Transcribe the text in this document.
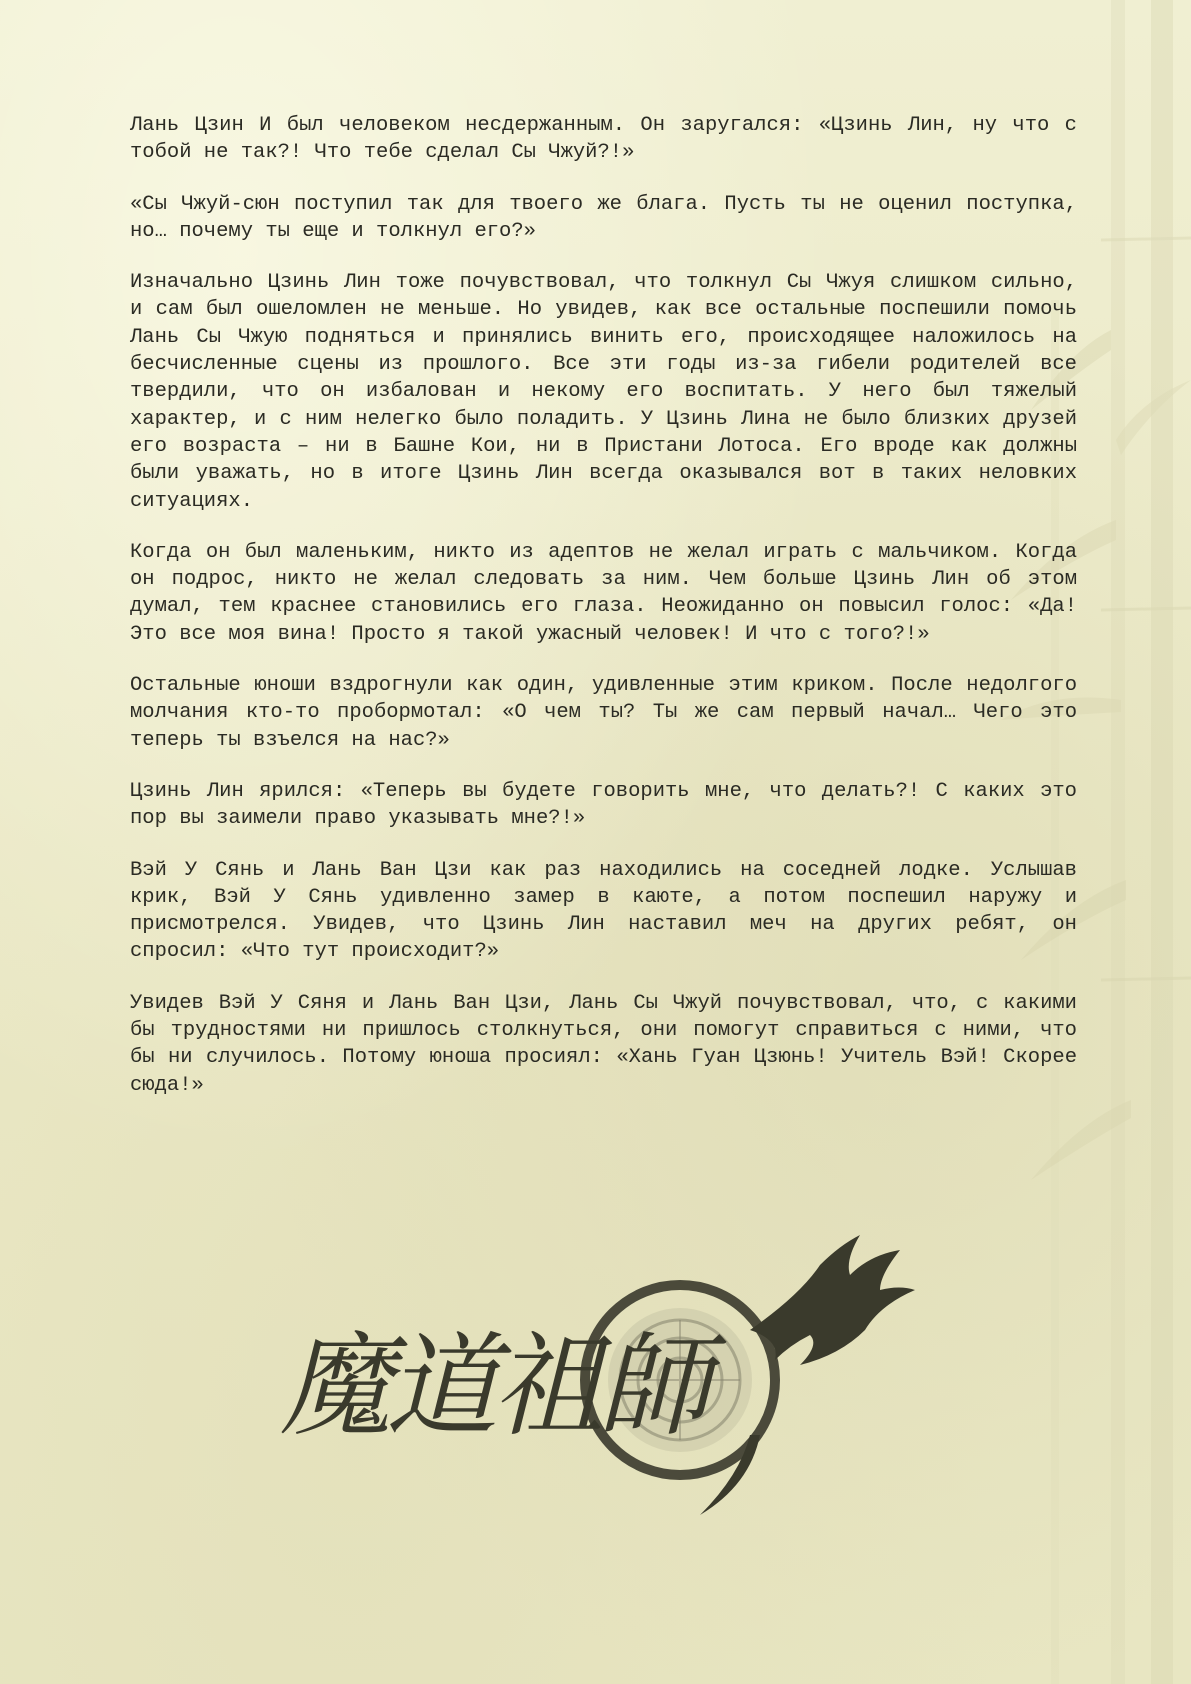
Лань Цзин И был человеком несдержанным. Он заругался: «Цзинь Лин, ну что с тобой не так?! Что тебе сделал Сы Чжуй?!»

«Сы Чжуй-сюн поступил так для твоего же блага. Пусть ты не оценил поступка, но… почему ты еще и толкнул его?»

Изначально Цзинь Лин тоже почувствовал, что толкнул Сы Чжуя слишком сильно, и сам был ошеломлен не меньше. Но увидев, как все остальные поспешили помочь Лань Сы Чжую подняться и принялись винить его, происходящее наложилось на бесчисленные сцены из прошлого. Все эти годы из-за гибели родителей все твердили, что он избалован и некому его воспитать. У него был тяжелый характер, и с ним нелегко было поладить. У Цзинь Лина не было близких друзей его возраста – ни в Башне Кои, ни в Пристани Лотоса. Его вроде как должны были уважать, но в итоге Цзинь Лин всегда оказывался вот в таких неловких ситуациях.

Когда он был маленьким, никто из адептов не желал играть с мальчиком. Когда он подрос, никто не желал следовать за ним. Чем больше Цзинь Лин об этом думал, тем краснее становились его глаза. Неожиданно он повысил голос: «Да! Это все моя вина! Просто я такой ужасный человек! И что с того?!»

Остальные юноши вздрогнули как один, удивленные этим криком. После недолгого молчания кто-то пробормотал: «О чем ты? Ты же сам первый начал… Чего это теперь ты взъелся на нас?»

Цзинь Лин ярился: «Теперь вы будете говорить мне, что делать?! С каких это пор вы заимели право указывать мне?!»

Вэй У Сянь и Лань Ван Цзи как раз находились на соседней лодке. Услышав крик, Вэй У Сянь удивленно замер в каюте, а потом поспешил наружу и присмотрелся. Увидев, что Цзинь Лин наставил меч на других ребят, он спросил: «Что тут происходит?»

Увидев Вэй У Сяня и Лань Ван Цзи, Лань Сы Чжуй почувствовал, что, с какими бы трудностями ни пришлось столкнуться, они помогут справиться с ними, что бы ни случилось. Потому юноша просиял: «Хань Гуан Цзюнь! Учитель Вэй! Скорее сюда!»

魔道祖師
